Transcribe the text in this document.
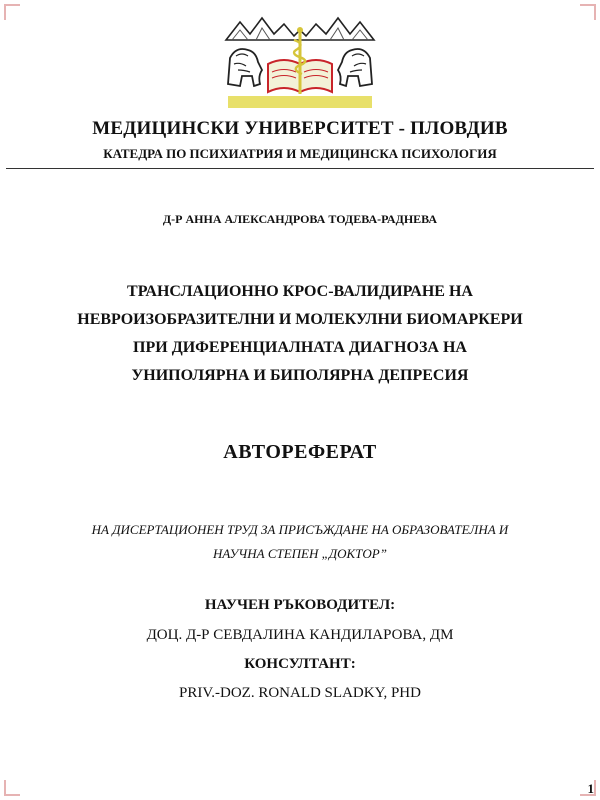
МЕДИЦИНСКИ УНИВЕРСИТЕТ - ПЛОВДИВ
КАТЕДРА ПО ПСИХИАТРИЯ И МЕДИЦИНСКА ПСИХОЛОГИЯ
Д-Р АННА АЛЕКСАНДРОВА ТОДЕВА-РАДНЕВА
ТРАНСЛАЦИОННО КРОС-ВАЛИДИРАНЕ НА
НЕВРОИЗОБРАЗИТЕЛНИ И МОЛЕКУЛНИ БИОМАРКЕРИ
ПРИ ДИФЕРЕНЦИАЛНАТА ДИАГНОЗА НА
УНИПОЛЯРНА И БИПОЛЯРНА ДЕПРЕСИЯ
АВТОРЕФЕРАТ
НА ДИСЕРТАЦИОНЕН ТРУД ЗА ПРИСЪЖДАНЕ НА ОБРАЗОВАТЕЛНА И
НАУЧНА СТЕПЕН „ДОКТОР”
НАУЧЕН РЪКОВОДИТЕЛ:
ДОЦ. Д-Р СЕВДАЛИНА КАНДИЛАРОВА, ДМ
КОНСУЛТАНТ:
PRIV.-DOZ. RONALD SLADKY, PHD
1
